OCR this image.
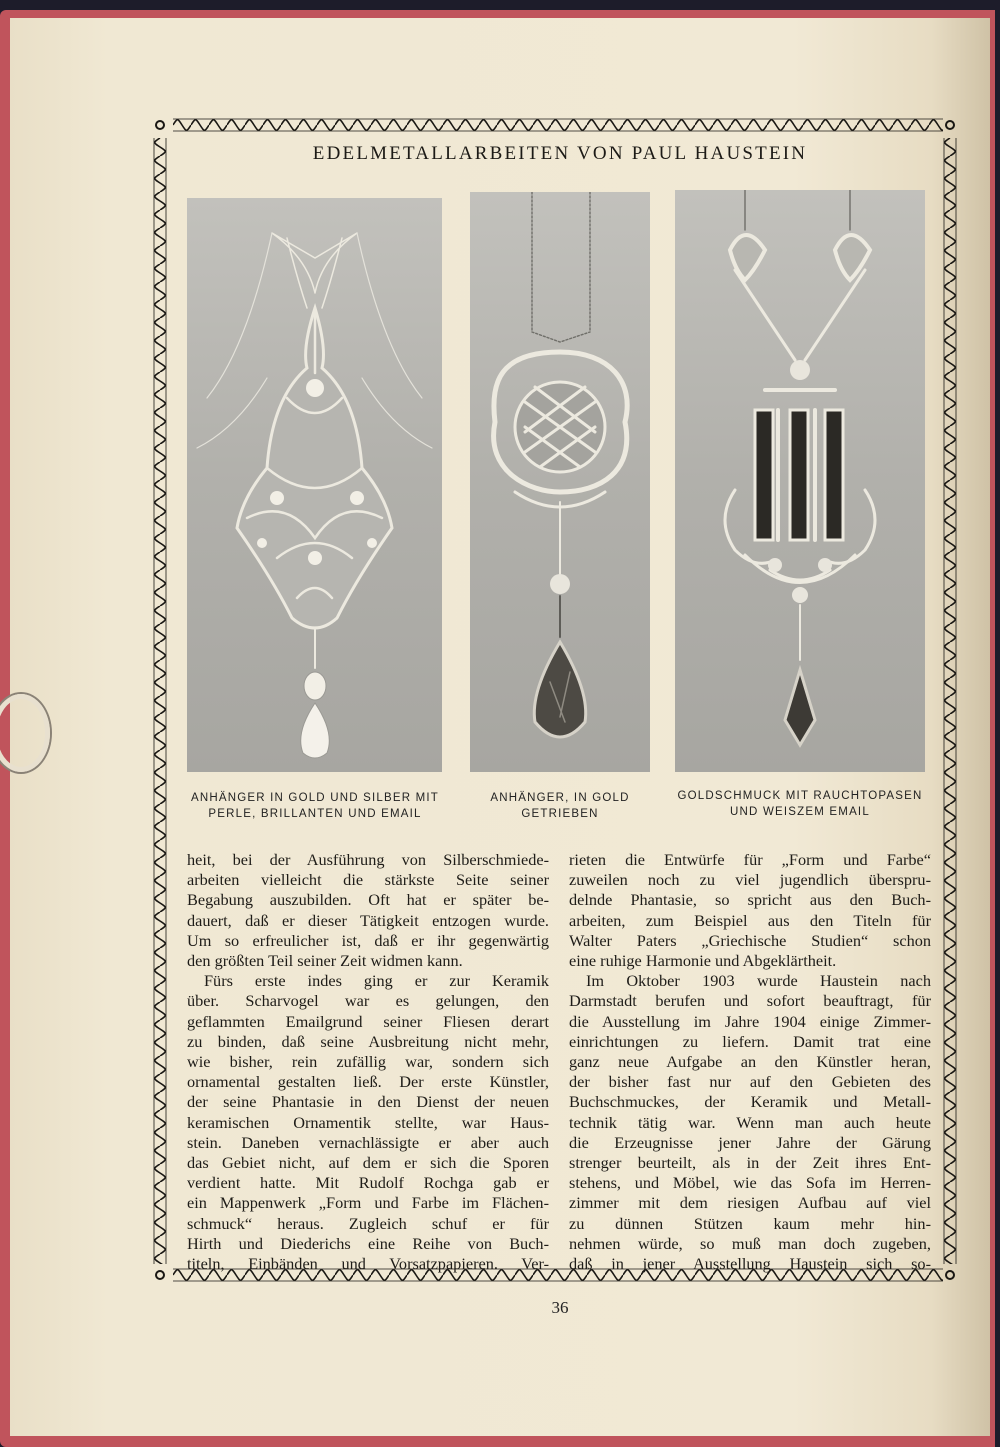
EDELMETALLARBEITEN VON PAUL HAUSTEIN
ANHÄNGER IN GOLD UND SILBER MIT
PERLE, BRILLANTEN UND EMAIL
ANHÄNGER, IN GOLD
GETRIEBEN
GOLDSCHMUCK MIT RAUCHTOPASEN
UND WEISZEM EMAIL
heit, bei der Ausführung von Silberschmiede-
arbeiten vielleicht die stärkste Seite seiner
Begabung auszubilden. Oft hat er später be-
dauert, daß er dieser Tätigkeit entzogen wurde.
Um so erfreulicher ist, daß er ihr gegenwärtig
den größten Teil seiner Zeit widmen kann.
Fürs erste indes ging er zur Keramik
über. Scharvogel war es gelungen, den
geflammten Emailgrund seiner Fliesen derart
zu binden, daß seine Ausbreitung nicht mehr,
wie bisher, rein zufällig war, sondern sich
ornamental gestalten ließ. Der erste Künstler,
der seine Phantasie in den Dienst der neuen
keramischen Ornamentik stellte, war Haus-
stein. Daneben vernachlässigte er aber auch
das Gebiet nicht, auf dem er sich die Sporen
verdient hatte. Mit Rudolf Rochga gab er
ein Mappenwerk „Form und Farbe im Flächen-
schmuck“ heraus. Zugleich schuf er für
Hirth und Diederichs eine Reihe von Buch-
titeln, Einbänden und Vorsatzpapieren. Ver-
rieten die Entwürfe für „Form und Farbe“
zuweilen noch zu viel jugendlich überspru-
delnde Phantasie, so spricht aus den Buch-
arbeiten, zum Beispiel aus den Titeln für
Walter Paters „Griechische Studien“ schon
eine ruhige Harmonie und Abgeklärtheit.
Im Oktober 1903 wurde Haustein nach
Darmstadt berufen und sofort beauftragt, für
die Ausstellung im Jahre 1904 einige Zimmer-
einrichtungen zu liefern. Damit trat eine
ganz neue Aufgabe an den Künstler heran,
der bisher fast nur auf den Gebieten des
Buchschmuckes, der Keramik und Metall-
technik tätig war. Wenn man auch heute
die Erzeugnisse jener Jahre der Gärung
strenger beurteilt, als in der Zeit ihres Ent-
stehens, und Möbel, wie das Sofa im Herren-
zimmer mit dem riesigen Aufbau auf viel
zu dünnen Stützen kaum mehr hin-
nehmen würde, so muß man doch zugeben,
daß in jener Ausstellung Haustein sich so-
36
